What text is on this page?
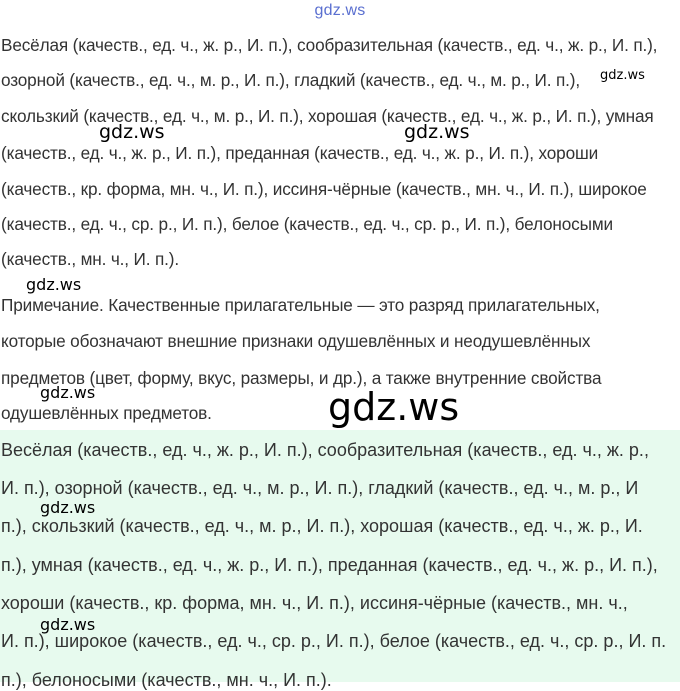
gdz.ws
Весёлая (качеств., ед. ч., ж. р., И. п.), сообразительная (качеств., ед. ч., ж. р., И. п.),
озорной (качеств., ед. ч., м. р., И. п.), гладкий (качеств., ед. ч., м. р., И. п.),
скользкий (качеств., ед. ч., м. р., И. п.), хорошая (качеств., ед. ч., ж. р., И. п.), умная
(качеств., ед. ч., ж. р., И. п.), преданная (качеств., ед. ч., ж. р., И. п.), хороши
(качеств., кр. форма, мн. ч., И. п.), иссиня-чёрные (качеств., мн. ч., И. п.), широкое
(качеств., ед. ч., ср. р., И. п.), белое (качеств., ед. ч., ср. р., И. п.), белоносыми
(качеств., мн. ч., И. п.).
Примечание. Качественные прилагательные — это разряд прилагательных,
которые обозначают внешние признаки одушевлённых и неодушевлённых
предметов (цвет, форму, вкус, размеры, и др.), а также внутренние свойства
одушевлённых предметов.
Весёлая (качеств., ед. ч., ж. р., И. п.), сообразительная (качеств., ед. ч., ж. р.,
И. п.), озорной (качеств., ед. ч., м. р., И. п.), гладкий (качеств., ед. ч., м. р., И
п.), скользкий (качеств., ед. ч., м. р., И. п.), хорошая (качеств., ед. ч., ж. р., И.
п.), умная (качеств., ед. ч., ж. р., И. п.), преданная (качеств., ед. ч., ж. р., И. п.),
хороши (качеств., кр. форма, мн. ч., И. п.), иссиня-чёрные (качеств., мн. ч.,
И. п.), широкое (качеств., ед. ч., ср. р., И. п.), белое (качеств., ед. ч., ср. р., И. п.
п.), белоносыми (качеств., мн. ч., И. п.).
gdz.ws
gdz.ws	gdz.ws
gdz.ws
gdz.ws	gdz.ws
gdz.ws
gdz.ws
